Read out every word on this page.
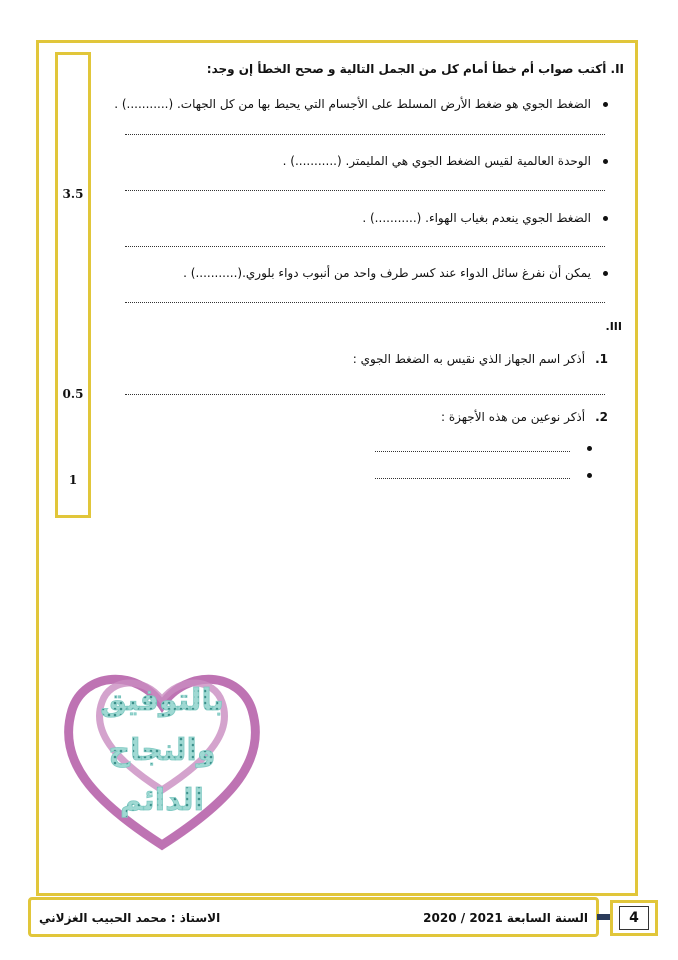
3.5
0.5
1
II. أكتب صواب أم خطأ أمام كل من الجمل التالية و صحح الخطأ إن وجد:
الضغط الجوي هو ضغط الأرض المسلط على الأجسام التي يحيط بها من كل الجهات. (...........) .
الوحدة العالمية لقيس الضغط الجوي هي المليمتر. (...........) .
الضغط الجوي ينعدم بغياب الهواء. (...........) .
يمكن أن نفرغ سائل الدواء عند كسر طرف واحد من أنبوب دواء بلوري.(...........) .
III.
1.أذكر اسم الجهاز الذي نقيس به الضغط الجوي :
2.أذكر نوعين من هذه الأجهزة :
بالتوفيق
والنجاح
الدائم
السنة السابعة 2021 / 2020
الاستاذ : محمد الحبيب الغزلاني	4
